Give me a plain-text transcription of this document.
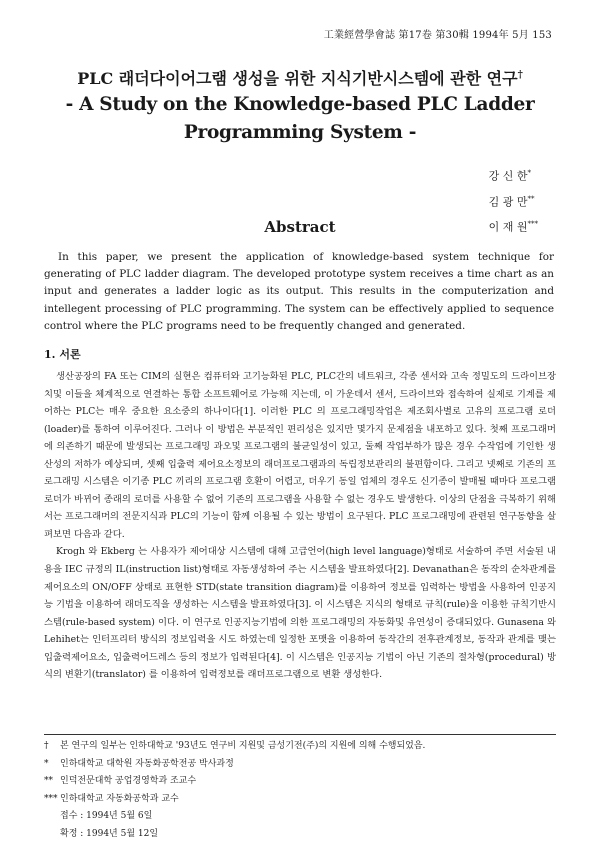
工業經營學會誌 第17卷 第30輯 1994年 5月 153
PLC 래더다이어그램 생성을 위한 지식기반시스템에 관한 연구†
- A Study on the Knowledge-based PLC Ladder
Programming System -
강 신 한*
김 광 만**
이 재 원***
Abstract
In this paper, we present the application of knowledge-based system technique for generating of PLC ladder diagram. The developed prototype system receives a time chart as an input and generates a ladder logic as its output. This results in the computerization and intellegent processing of PLC programming. The system can be effectively applied to sequence control where the PLC programs need to be frequently changed and generated.
1. 서론

생산공장의 FA 또는 CIM의 실현은 컴퓨터와 고기능화된 PLC, PLC간의 네트워크, 각종 센서와 고속 정밀도의 드라이브장치및 이들을 체계적으로 연결하는 통합 소프트웨어로 가능해 지는데, 이 가운데서 센서, 드라이브와 접속하여 실제로 기계를 제어하는 PLC는 매우 중요한 요소중의 하나이다[1]. 이러한 PLC 의 프로그래밍작업은 제조회사별로 고유의 프로그램 로더(loader)를 통하여 이루어진다. 그러나 이 방법은 부분적인 편리성은 있지만 몇가지 문제점을 내포하고 있다. 첫째 프로그래머에 의존하기 때문에 발생되는 프로그래밍 과오및 프로그램의 불균일성이 있고, 둘째 작업부하가 많은 경우 수작업에 기인한 생산성의 저하가 예상되며, 셋째 입출력 제어요소정보의 래더프로그램과의 독립정보관리의 불편함이다. 그리고 넷째로 기존의 프로그래밍 시스템은 이기종 PLC 끼리의 프로그램 호환이 어렵고, 더우기 동일 업체의 경우도 신기종이 발매될 때마다 프로그램로더가 바뀌어 종래의 로더를 사용할 수 없어 기존의 프로그램을 사용할 수 없는 경우도 발생한다. 이상의 단점을 극복하기 위해서는 프로그래머의 전문지식과 PLC의 기능이 함께 이용될 수 있는 방법이 요구된다. PLC 프로그래밍에 관련된 연구동향을 살펴보면 다음과 같다.

Krogh 와 Ekberg 는 사용자가 제어대상 시스템에 대해 고급언어(high level language)형태로 서술하여 주면 서술된 내용을 IEC 규정의 IL(instruction list)형태로 자동생성하여 주는 시스템을 발표하였다[2]. Devanathan은 동작의 순차관계를 제어요소의 ON/OFF 상태로 표현한 STD(state transition diagram)를 이용하여 정보를 입력하는 방법을 사용하여 인공지능 기법을 이용하여 래더도직을 생성하는 시스템을 발표하였다[3]. 이 시스템은 지식의 형태로 규칙(rule)을 이용한 규칙기반시스템(rule-based system) 이다. 이 연구로 인공지능기법에 의한 프로그래밍의 자동화및 유연성이 증대되었다. Gunasena 와 Lehihet는 인터프리터 방식의 정보입력을 시도 하였는데 일정한 포맷을 이용하여 동작간의 전후관계정보, 동작과 관계를 맺는 입출력제어요소, 입출력어드레스 등의 정보가 입력된다[4]. 이 시스템은 인공지능 기법이 아닌 기존의 절차형(procedural) 방식의 변환기(translator) 를 이용하여 입력정보를 래더프로그램으로 변환 생성한다.

†	본 연구의 일부는 인하대학교 '93년도 연구비 지원및 금성기전(주)의 지원에 의해 수행되었음.
*	인하대학교 대학원 자동화공학전공 박사과정
** 인덕전문대학 공업경영학과 조교수
*** 인하대학교 자동화공학과 교수
접수 : 1994년 5월 6일
확정 : 1994년 5월 12일
